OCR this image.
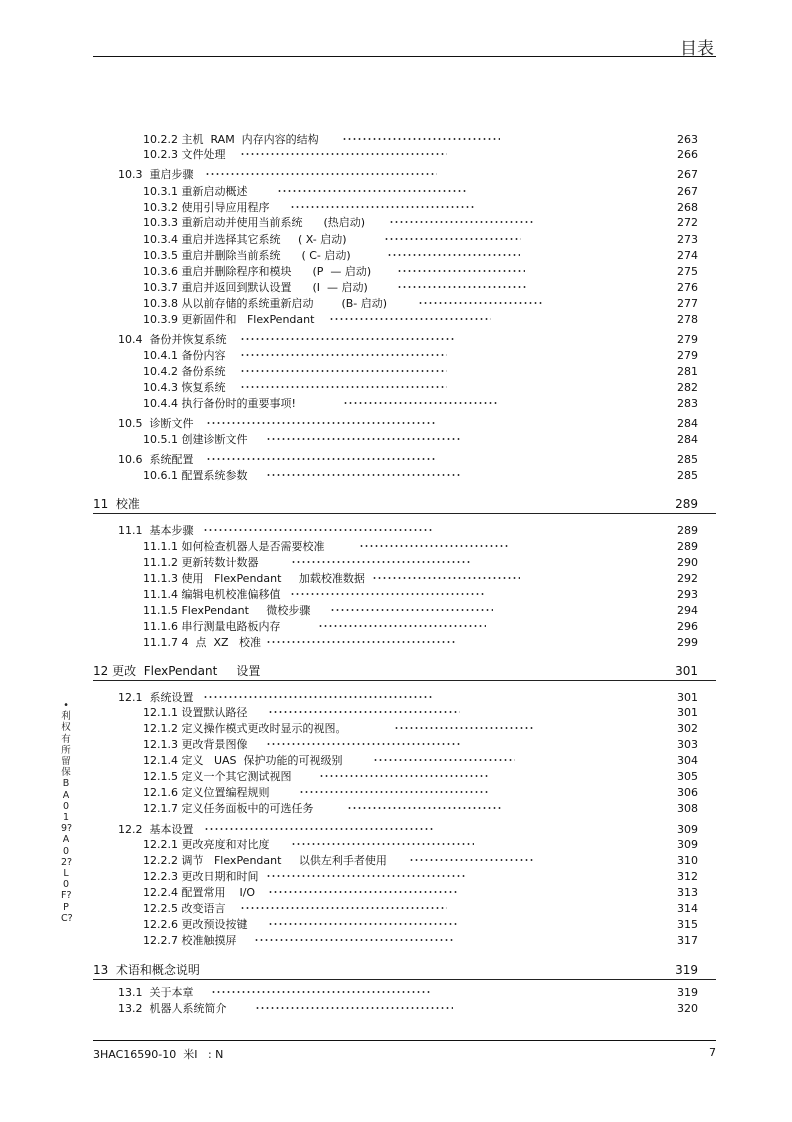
目表
10.2.2 主机  RAM  内存内容的结构	263
10.2.3 文件处理	266
10.3  重启步骤	267
10.3.1 重新启动概述	267
10.3.2 使用引导应用程序	268
10.3.3 重新启动并使用当前系统      (热启动)	272
10.3.4 重启并选择其它系统     ( X- 启动)	273
10.3.5 重启并删除当前系统      ( C- 启动)	274
10.3.6 重启并删除程序和模块      (P  — 启动)	275
10.3.7 重启并返回到默认设置      (I  — 启动)	276
10.3.8 从以前存储的系统重新启动        (B- 启动)	277
10.3.9 更新固件和   FlexPendant	278
10.4  备份并恢复系统	279
10.4.1 备份内容	279
10.4.2 备份系统	281
10.4.3 恢复系统	282
10.4.4 执行备份时的重要事项!	283
10.5  诊断文件	284
10.5.1 创建诊断文件	284
10.6  系统配置	285
10.6.1 配置系统参数	285
11  校准	289
11.1  基本步骤	289
11.1.1 如何检查机器人是否需要校准	289
11.1.2 更新转数计数器	290
11.1.3 使用   FlexPendant     加载校准数据	292
11.1.4 编辑电机校准偏移值	293
11.1.5 FlexPendant     微校步骤	294
11.1.6 串行测量电路板内存	296
11.1.7 4  点  XZ   校准	299
12 更改  FlexPendant     设置	301
12.1  系统设置	301
12.1.1 设置默认路径	301
12.1.2 定义操作模式更改时显示的视图。	302
12.1.3 更改背景图像	303
12.1.4 定义   UAS  保护功能的可视级别	304
12.1.5 定义一个其它测试视图	305
12.1.6 定义位置编程规则	306
12.1.7 定义任务面板中的可选任务	308
12.2  基本设置	309
12.2.1 更改亮度和对比度	309
12.2.2 调节   FlexPendant     以供左利手者使用	310
12.2.3 更改日期和时间	312
12.2.4 配置常用    I/O	313
12.2.5 改变语言	314
12.2.6 更改预设按键	315
12.2.7 校准触摸屏	317
13  术语和概念说明	319
13.1  关于本章	319
13.2  机器人系统简介	320
•利权有所留保BA019?A02?L0F?PC?
3HAC16590-10  米I   : N	7
